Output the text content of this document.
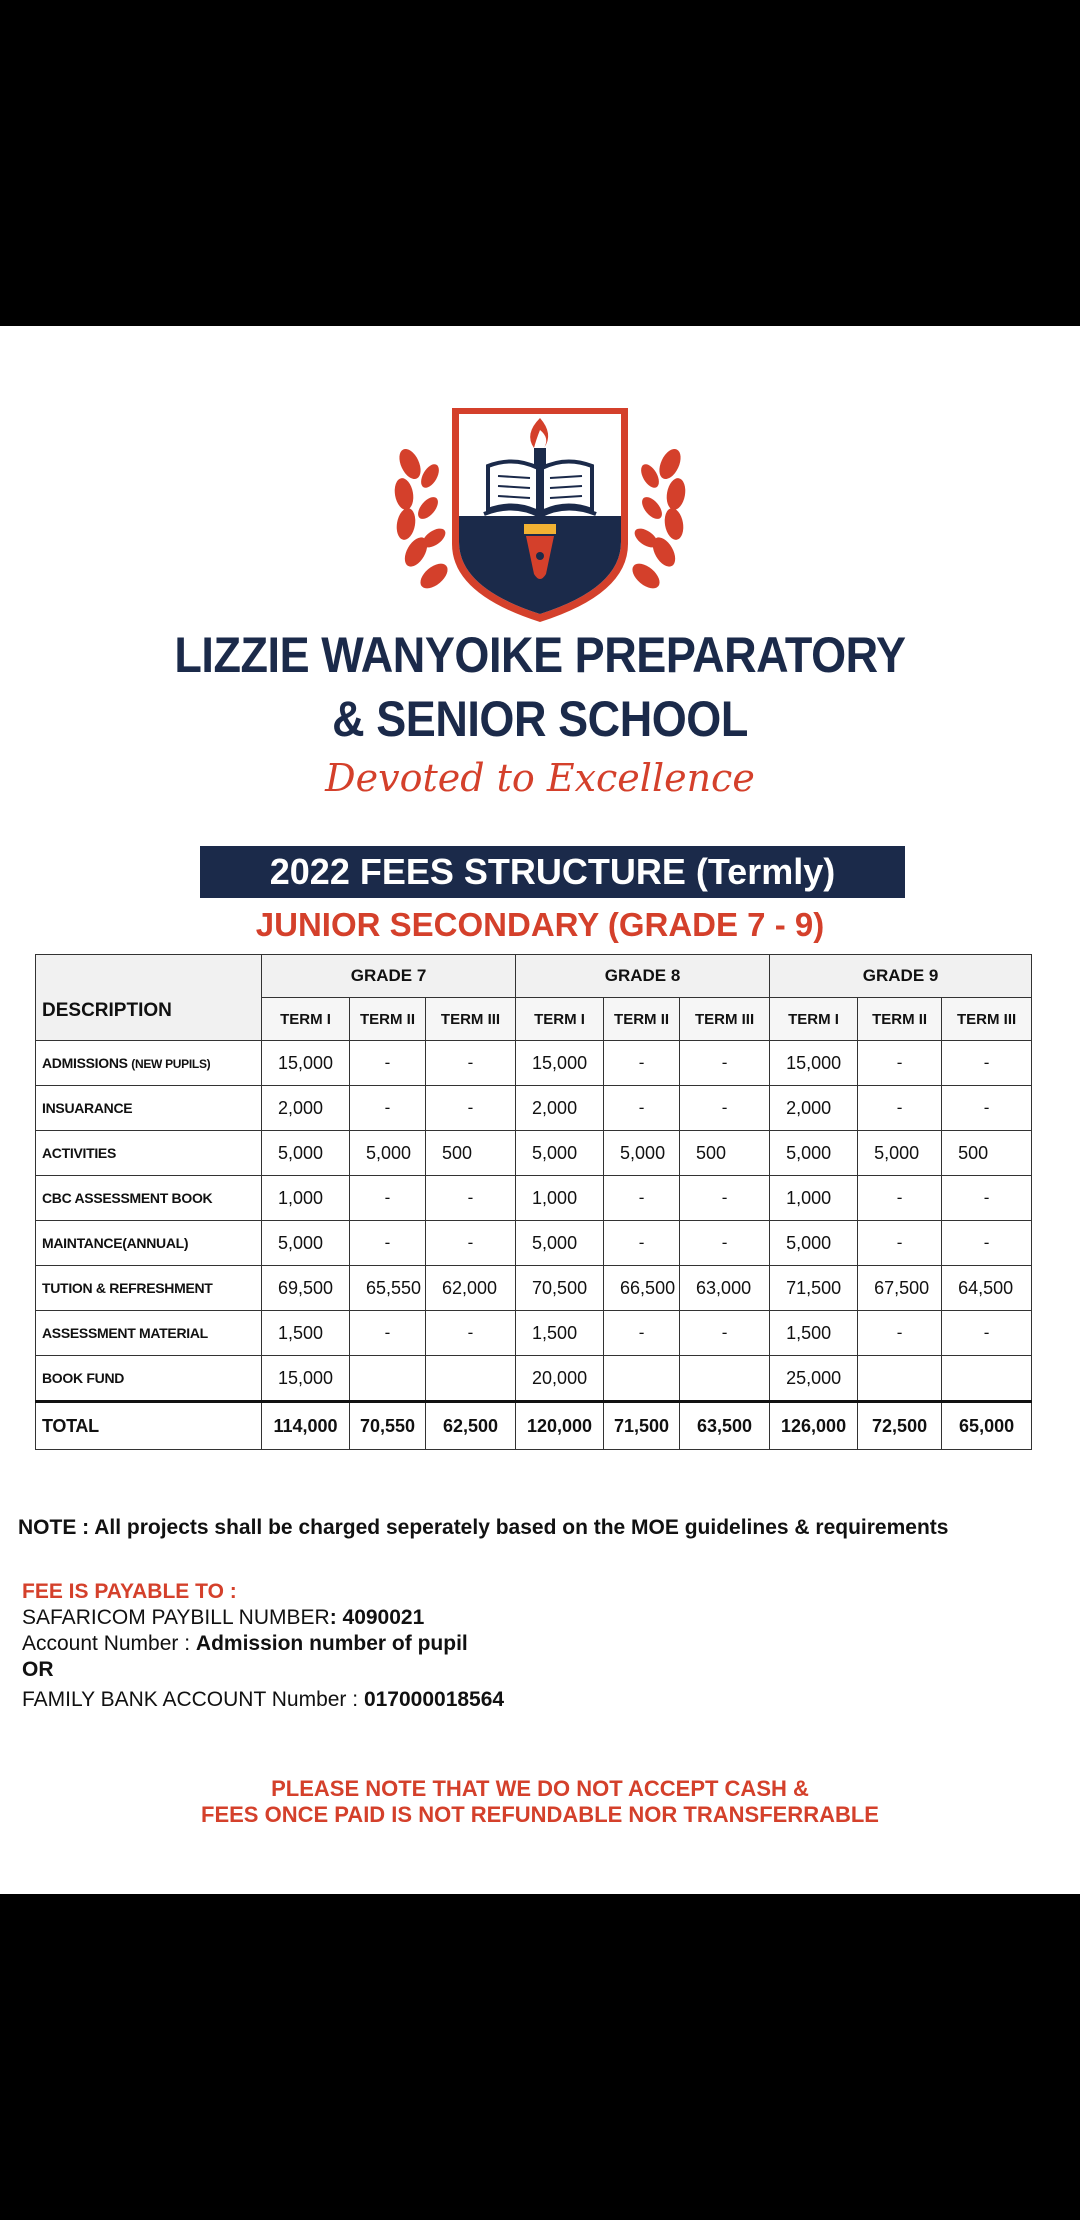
LIZZIE WANYOIKE PREPARATORY
& SENIOR SCHOOL
Devoted to Excellence
2022 FEES STRUCTURE (Termly)
JUNIOR SECONDARY (GRADE 7 - 9)
DESCRIPTION	GRADE 7			GRADE 8			GRADE 9		
	TERM I	TERM II	TERM III	TERM I	TERM II	TERM III	TERM I	TERM II	TERM III
ADMISSIONS (NEW PUPILS)	15,000	-	-	15,000	-	-	15,000	-	-
INSUARANCE	2,000	-	-	2,000	-	-	2,000	-	-
ACTIVITIES	5,000	5,000	500	5,000	5,000	500	5,000	5,000	500
CBC ASSESSMENT BOOK	1,000	-	-	1,000	-	-	1,000	-	-
MAINTANCE(ANNUAL)	5,000	-	-	5,000	-	-	5,000	-	-
TUTION & REFRESHMENT	69,500	65,550	62,000	70,500	66,500	63,000	71,500	67,500	64,500
ASSESSMENT MATERIAL	1,500	-	-	1,500	-	-	1,500	-	-
BOOK FUND	15,000			20,000			25,000		
TOTAL	114,000	70,550	62,500	120,000	71,500	63,500	126,000	72,500	65,000
NOTE : All projects shall be charged seperately based on the MOE guidelines & requirements
FEE IS PAYABLE TO :
SAFARICOM PAYBILL NUMBER: 4090021
Account Number : Admission number of pupil
OR
FAMILY BANK ACCOUNT Number : 017000018564
PLEASE NOTE THAT WE DO NOT ACCEPT CASH &
FEES ONCE PAID IS NOT REFUNDABLE NOR TRANSFERRABLE
